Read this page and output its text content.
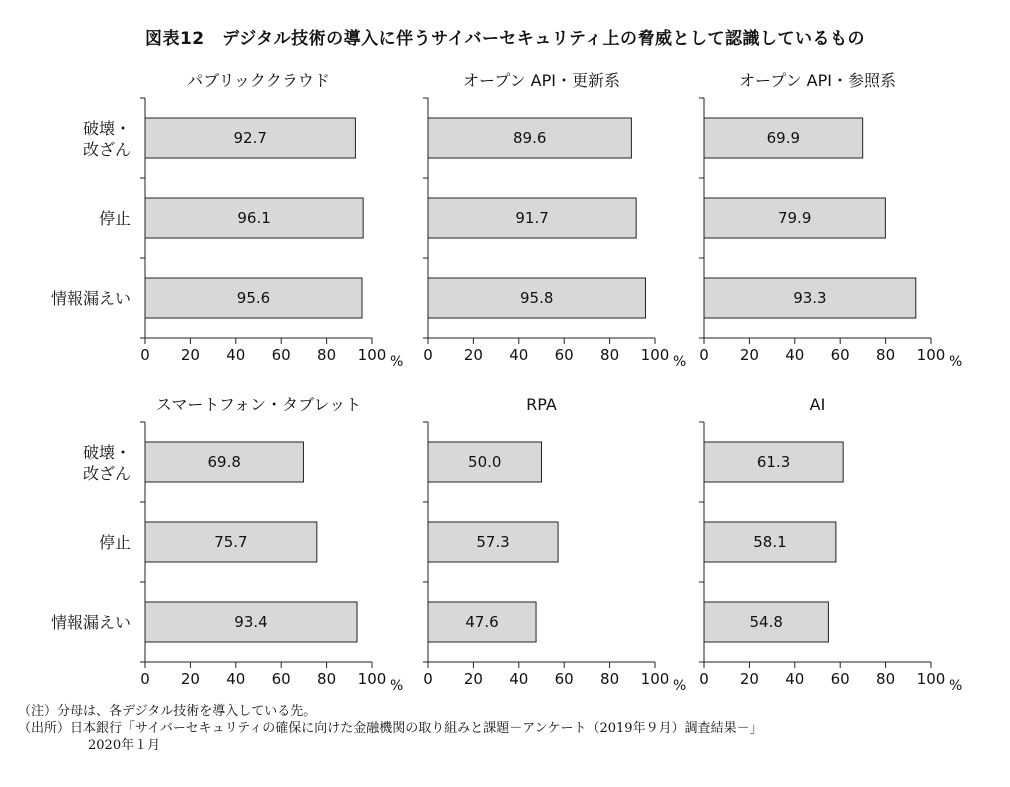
図表12　デジタル技術の導入に伴うサイバーセキュリティ上の脅威として認識しているもの
パブリッククラウド
0 20 40 60 80 100 %
92.7
96.1
95.6
破壊・改ざん
停止
情報漏えい
オープン API・更新系
0 20 40 60 80 100 %
89.6
91.7
95.8
オープン API・参照系
0 20 40 60 80 100 %
69.9
79.9
93.3
スマートフォン・タブレット
0 20 40 60 80 100 %
69.8
75.7
93.4
破壊・改ざん
停止
情報漏えい
RPA
0 20 40 60 80 100 %
50.0
57.3
47.6
AI
0 20 40 60 80 100 %
61.3
58.1
54.8
（注）分母は、各デジタル技術を導入している先。
（出所）日本銀行「サイバーセキュリティの確保に向けた金融機関の取り組みと課題－アンケート（2019年９月）調査結果－」
2020年１月
